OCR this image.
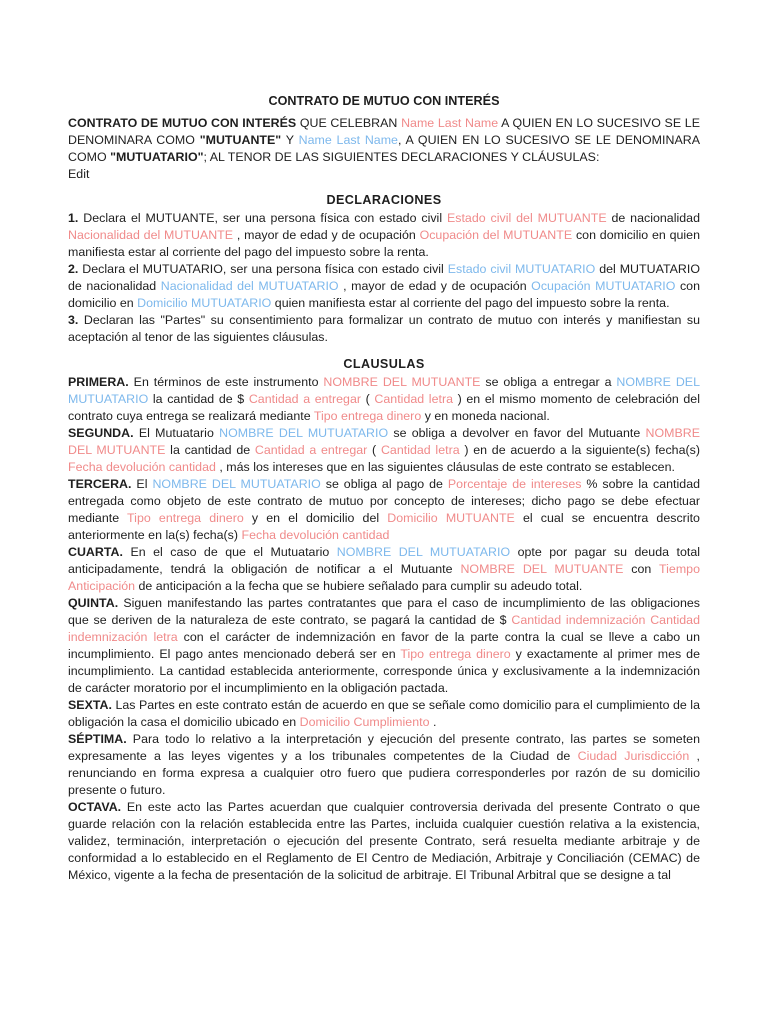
CONTRATO DE MUTUO CON INTERÉS

CONTRATO DE MUTUO CON INTERÉS QUE CELEBRAN Name Last Name A QUIEN EN LO SUCESIVO SE LE DENOMINARA COMO "MUTUANTE" Y Name Last Name, A QUIEN EN LO SUCESIVO SE LE DENOMINARA COMO "MUTUATARIO"; AL TENOR DE LAS SIGUIENTES DECLARACIONES Y CLÁUSULAS:
Edit

DECLARACIONES

1. Declara el MUTUANTE, ser una persona física con estado civil Estado civil del MUTUANTE de nacionalidad Nacionalidad del MUTUANTE , mayor de edad y de ocupación Ocupación del MUTUANTE con domicilio en quien manifiesta estar al corriente del pago del impuesto sobre la renta.

2. Declara el MUTUATARIO, ser una persona física con estado civil Estado civil MUTUATARIO del MUTUATARIO de nacionalidad Nacionalidad del MUTUATARIO , mayor de edad y de ocupación Ocupación MUTUATARIO con domicilio en Domicilio MUTUATARIO quien manifiesta estar al corriente del pago del impuesto sobre la renta.

3. Declaran las "Partes" su consentimiento para formalizar un contrato de mutuo con interés y manifiestan su aceptación al tenor de las siguientes cláusulas.

CLAUSULAS

PRIMERA. En términos de este instrumento NOMBRE DEL MUTUANTE se obliga a entregar a NOMBRE DEL MUTUATARIO la cantidad de $ Cantidad a entregar ( Cantidad letra ) en el mismo momento de celebración del contrato cuya entrega se realizará mediante Tipo entrega dinero y en moneda nacional.

SEGUNDA. El Mutuatario NOMBRE DEL MUTUATARIO se obliga a devolver en favor del Mutuante NOMBRE DEL MUTUANTE la cantidad de Cantidad a entregar ( Cantidad letra ) en de acuerdo a la siguiente(s) fecha(s) Fecha devolución cantidad , más los intereses que en las siguientes cláusulas de este contrato se establecen.

TERCERA. El NOMBRE DEL MUTUATARIO se obliga al pago de Porcentaje de intereses % sobre la cantidad entregada como objeto de este contrato de mutuo por concepto de intereses; dicho pago se debe efectuar mediante Tipo entrega dinero y en el domicilio del Domicilio MUTUANTE el cual se encuentra descrito anteriormente en la(s) fecha(s) Fecha devolución cantidad

CUARTA. En el caso de que el Mutuatario NOMBRE DEL MUTUATARIO opte por pagar su deuda total anticipadamente, tendrá la obligación de notificar a el Mutuante NOMBRE DEL MUTUANTE con Tiempo Anticipación de anticipación a la fecha que se hubiere señalado para cumplir su adeudo total.

QUINTA. Siguen manifestando las partes contratantes que para el caso de incumplimiento de las obligaciones que se deriven de la naturaleza de este contrato, se pagará la cantidad de $ Cantidad indemnización Cantidad indemnización letra con el carácter de indemnización en favor de la parte contra la cual se lleve a cabo un incumplimiento. El pago antes mencionado deberá ser en Tipo entrega dinero y exactamente al primer mes de incumplimiento. La cantidad establecida anteriormente, corresponde única y exclusivamente a la indemnización de carácter moratorio por el incumplimiento en la obligación pactada.

SEXTA. Las Partes en este contrato están de acuerdo en que se señale como domicilio para el cumplimiento de la obligación la casa el domicilio ubicado en Domicilio Cumplimiento .

SÉPTIMA. Para todo lo relativo a la interpretación y ejecución del presente contrato, las partes se someten expresamente a las leyes vigentes y a los tribunales competentes de la Ciudad de Ciudad Jurisdicción , renunciando en forma expresa a cualquier otro fuero que pudiera corresponderles por razón de su domicilio presente o futuro.

OCTAVA. En este acto las Partes acuerdan que cualquier controversia derivada del presente Contrato o que guarde relación con la relación establecida entre las Partes, incluida cualquier cuestión relativa a la existencia, validez, terminación, interpretación o ejecución del presente Contrato, será resuelta mediante arbitraje y de conformidad a lo establecido en el Reglamento de El Centro de Mediación, Arbitraje y Conciliación (CEMAC) de México, vigente a la fecha de presentación de la solicitud de arbitraje. El Tribunal Arbitral que se designe a tal
